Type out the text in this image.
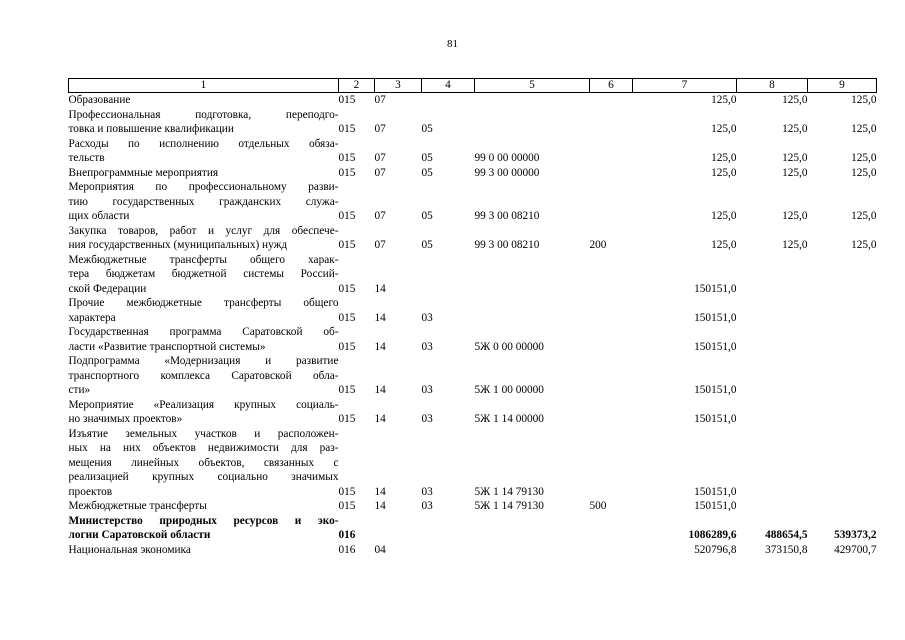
81
1	2	3	4	5	6	7	8	9

Образование	015	07				125,0	125,0	125,0

Профессиональная подготовка, переподго-
товка и повышение квалификации	015	07	05			125,0	125,0	125,0

Расходы по исполнению отдельных обяза-
тельств	015	07	05	99 0 00 00000		125,0	125,0	125,0

Внепрограммные мероприятия	015	07	05	99 3 00 00000		125,0	125,0	125,0

Мероприятия по профессиональному разви-
тию государственных гражданских служа-
щих области	015	07	05	99 3 00 08210		125,0	125,0	125,0

Закупка товаров, работ и услуг для обеспече-
ния государственных (муниципальных) нужд	015	07	05	99 3 00 08210	200	125,0	125,0	125,0

Межбюджетные трансферты общего харак-
тера бюджетам бюджетной системы Россий-
ской Федерации	015	14				150151,0		

Прочие межбюджетные трансферты общего
характера	015	14	03			150151,0		

Государственная программа Саратовской об-
ласти «Развитие транспортной системы»	015	14	03	5Ж 0 00 00000		150151,0		

Подпрограмма «Модернизация и развитие
транспортного комплекса Саратовской обла-
сти»	015	14	03	5Ж 1 00 00000		150151,0		

Мероприятие «Реализация крупных социаль-
но значимых проектов»	015	14	03	5Ж 1 14 00000		150151,0		

Изъятие земельных участков и расположен-
ных на них объектов недвижимости для раз-
мещения линейных объектов, связанных с
реализацией крупных социально значимых
проектов	015	14	03	5Ж 1 14 79130		150151,0		

Межбюджетные трансферты	015	14	03	5Ж 1 14 79130	500	150151,0		

Министерство природных ресурсов и эко-
логии Саратовской области	016					1086289,6	488654,5	539373,2

Национальная экономика	016	04				520796,8	373150,8	429700,7
